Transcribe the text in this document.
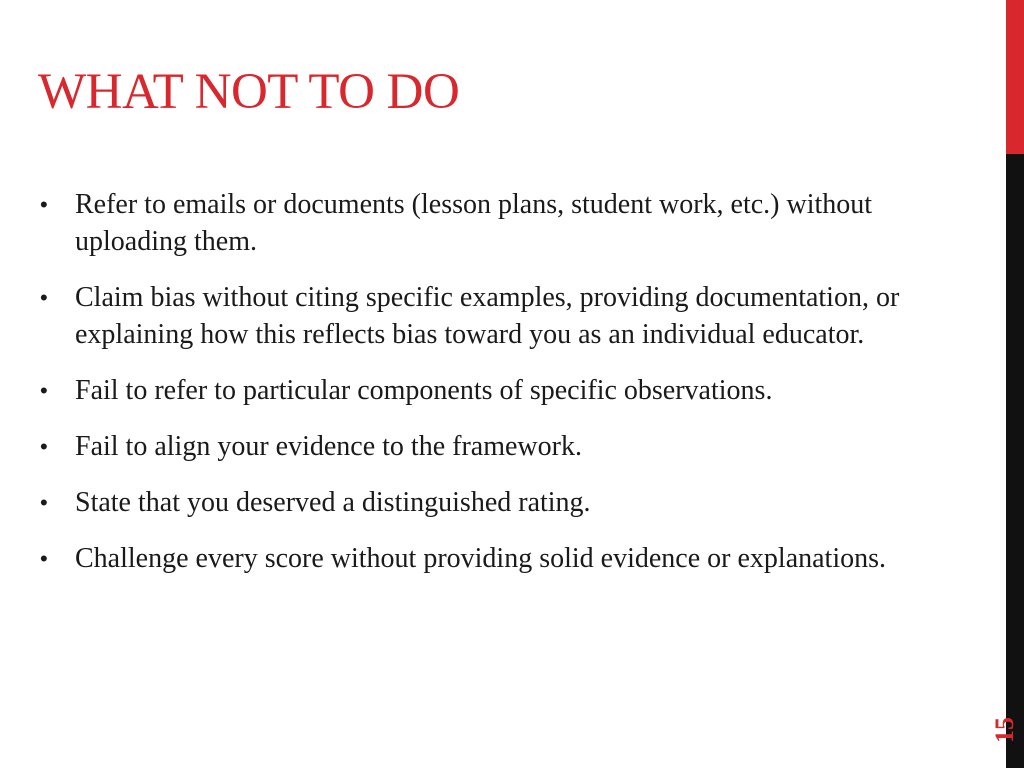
WHAT NOT TO DO
• Refer to emails or documents (lesson plans, student work, etc.) without uploading them.
• Claim bias without citing specific examples, providing documentation, or explaining how this reflects bias toward you as an individual educator.
• Fail to refer to particular components of specific observations.
• Fail to align your evidence to the framework.
• State that you deserved a distinguished rating.
• Challenge every score without providing solid evidence or explanations.
15
